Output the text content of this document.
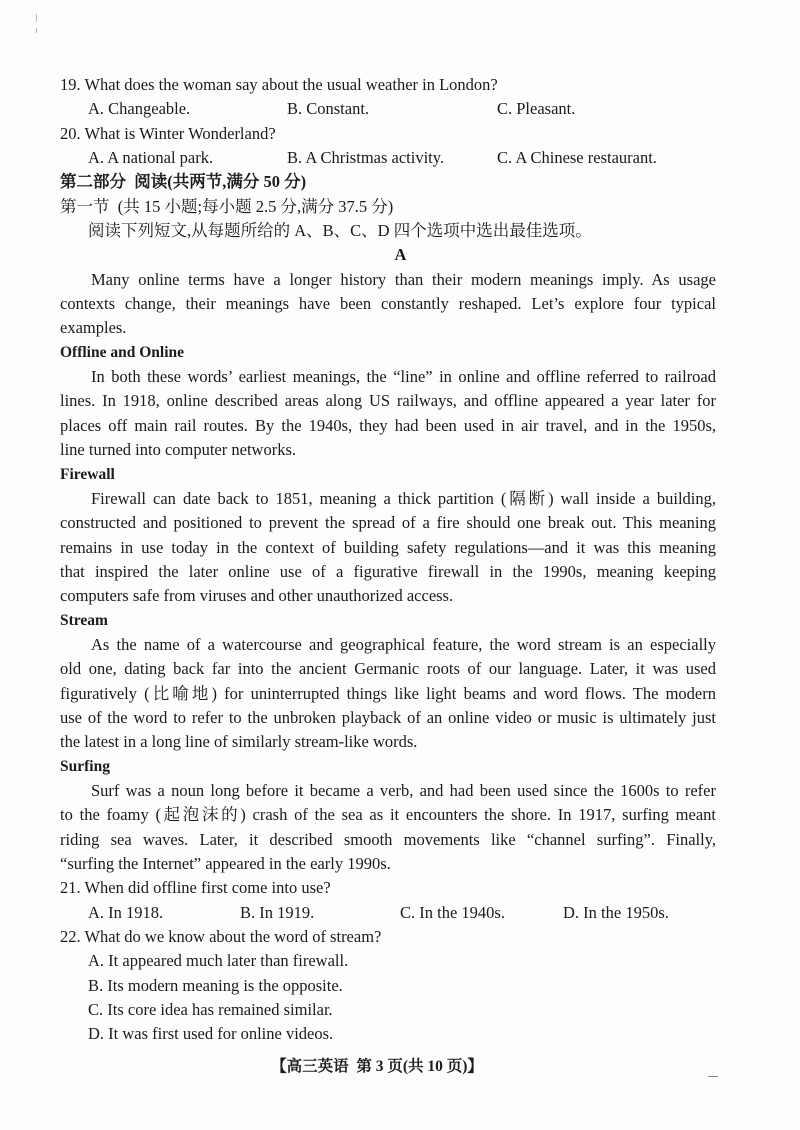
19. What does the woman say about the usual weather in London?
A. Changeable.	B. Constant.	C. Pleasant.
20. What is Winter Wonderland?
A. A national park.	B. A Christmas activity.	C. A Chinese restaurant.
第二部分  阅读(共两节,满分 50 分)
第一节  (共 15 小题;每小题 2.5 分,满分 37.5 分)
阅读下列短文,从每题所给的 A、B、C、D 四个选项中选出最佳选项。
A
Many online terms have a longer history than their modern meanings imply. As usage
contexts change, their meanings have been constantly reshaped. Let’s explore four typical
examples.
Offline and Online
In both these words’ earliest meanings, the “line” in online and offline referred to railroad
lines. In 1918, online described areas along US railways, and offline appeared a year later for
places off main rail routes. By the 1940s, they had been used in air travel, and in the 1950s,
line turned into computer networks.
Firewall
Firewall can date back to 1851, meaning a thick partition (隔断) wall inside a building,
constructed and positioned to prevent the spread of a fire should one break out. This meaning
remains in use today in the context of building safety regulations—and it was this meaning
that inspired the later online use of a figurative firewall in the 1990s, meaning keeping
computers safe from viruses and other unauthorized access.
Stream
As the name of a watercourse and geographical feature, the word stream is an especially
old one, dating back far into the ancient Germanic roots of our language. Later, it was used
figuratively (比喻地) for uninterrupted things like light beams and word flows. The modern
use of the word to refer to the unbroken playback of an online video or music is ultimately just
the latest in a long line of similarly stream-like words.
Surfing
Surf was a noun long before it became a verb, and had been used since the 1600s to refer
to the foamy (起泡沫的) crash of the sea as it encounters the shore. In 1917, surfing meant
riding sea waves. Later, it described smooth movements like “channel surfing”. Finally,
“surfing the Internet” appeared in the early 1990s.
21. When did offline first come into use?
A. In 1918.	B. In 1919.	C. In the 1940s.	D. In the 1950s.
22. What do we know about the word of stream?
A. It appeared much later than firewall.
B. Its modern meaning is the opposite.
C. Its core idea has remained similar.
D. It was first used for online videos.
【高三英语  第 3 页(共 10 页)】
